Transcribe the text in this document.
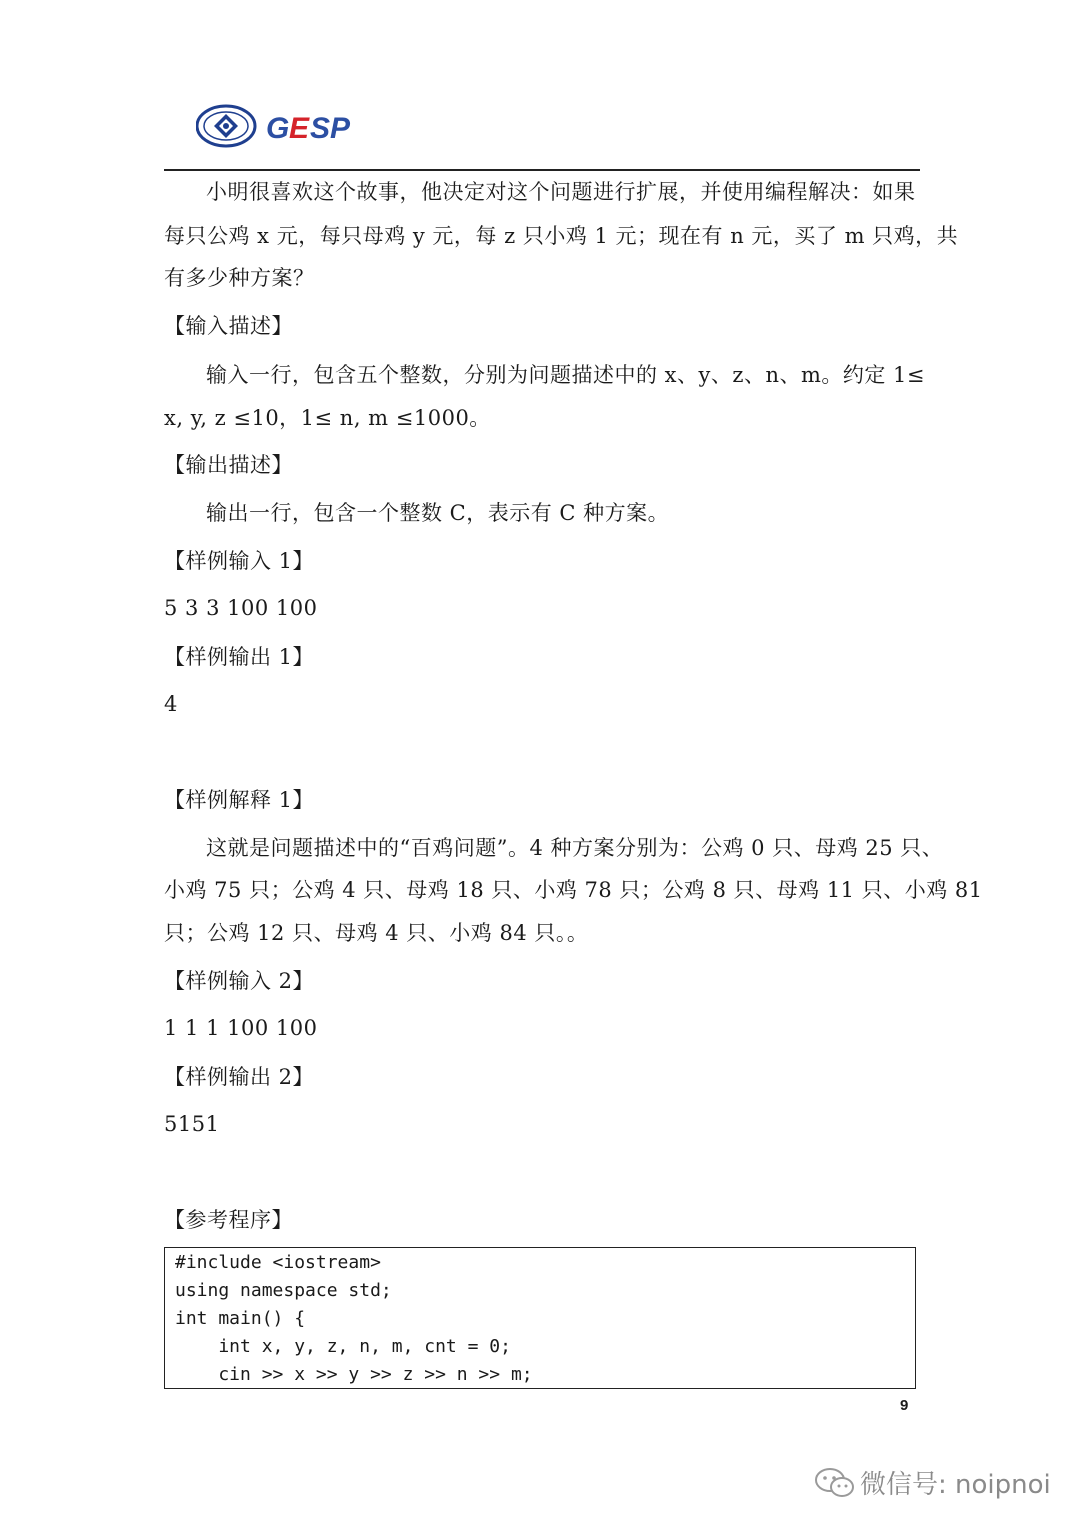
G E SP
小明很喜欢这个故事，他决定对这个问题进行扩展，并使用编程解决：如果
每只公鸡 x 元，每只母鸡 y 元，每 z 只小鸡 1 元；现在有 n 元，买了 m 只鸡，共
有多少种方案？
【输入描述】
输入一行，包含五个整数，分别为问题描述中的 x、y、z、n、m。约定 1≤
x, y, z ≤10，1≤ n, m ≤1000。
【输出描述】
输出一行，包含一个整数 C，表示有 C 种方案。
【样例输入 1】
5 3 3 100 100
【样例输出 1】
4
【样例解释 1】
这就是问题描述中的“百鸡问题”。4 种方案分别为：公鸡 0 只、母鸡 25 只、
小鸡 75 只；公鸡 4 只、母鸡 18 只、小鸡 78 只；公鸡 8 只、母鸡 11 只、小鸡 81
只；公鸡 12 只、母鸡 4 只、小鸡 84 只。。
【样例输入 2】
1 1 1 100 100
【样例输出 2】
5151
【参考程序】
#include <iostream>
using namespace std;
int main() {
int x, y, z, n, m, cnt = 0;
cin >> x >> y >> z >> n >> m;
9
微信号: noipnoi
